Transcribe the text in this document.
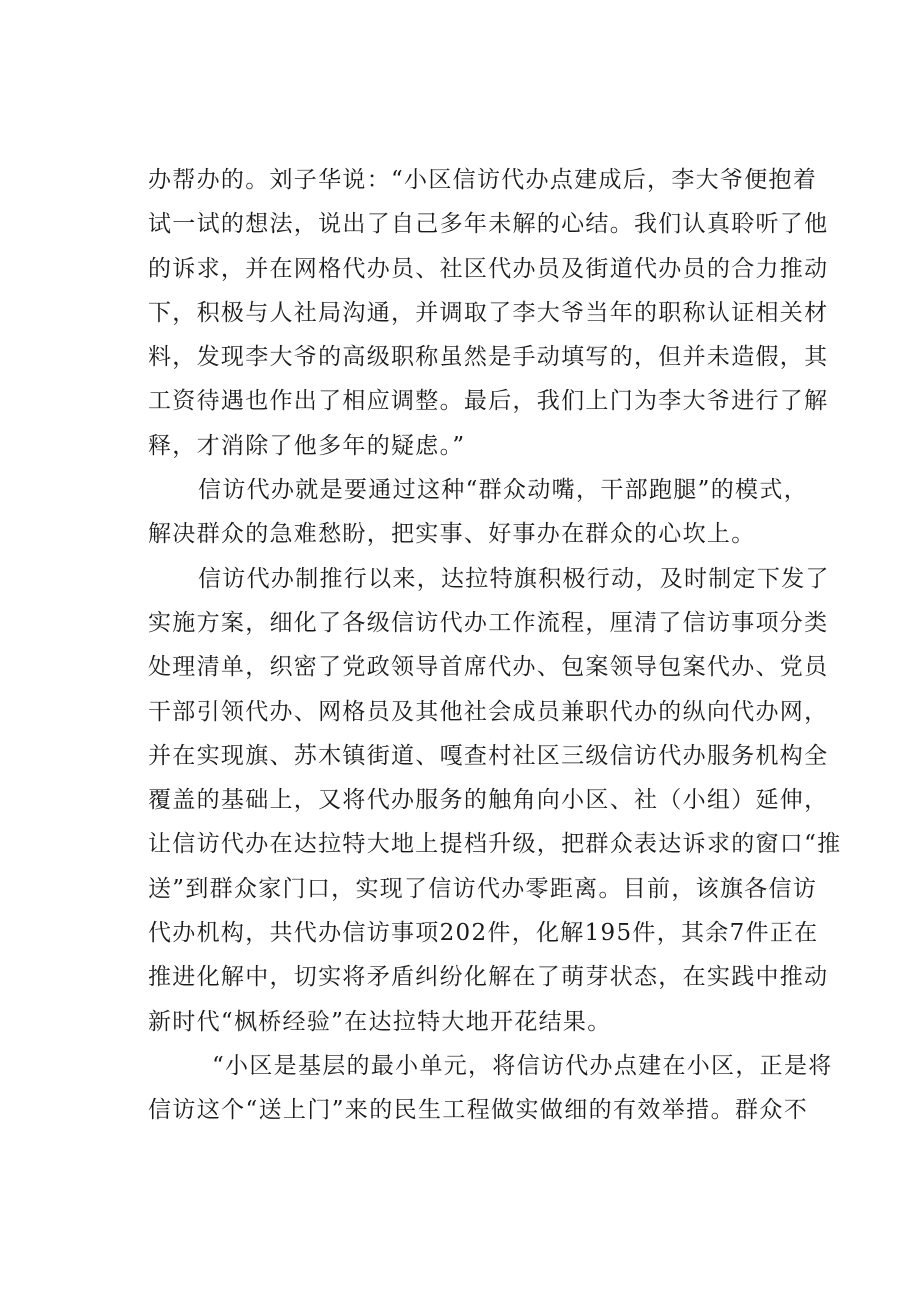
办帮办的。刘子华说：“小区信访代办点建成后，李大爷便抱着
试一试的想法，说出了自己多年未解的心结。我们认真聆听了他
的诉求，并在网格代办员、社区代办员及街道代办员的合力推动
下，积极与人社局沟通，并调取了李大爷当年的职称认证相关材
料，发现李大爷的高级职称虽然是手动填写的，但并未造假，其
工资待遇也作出了相应调整。最后，我们上门为李大爷进行了解
释，才消除了他多年的疑虑。”
信访代办就是要通过这种“群众动嘴，干部跑腿”的模式，
解决群众的急难愁盼，把实事、好事办在群众的心坎上。
信访代办制推行以来，达拉特旗积极行动，及时制定下发了
实施方案，细化了各级信访代办工作流程，厘清了信访事项分类
处理清单，织密了党政领导首席代办、包案领导包案代办、党员
干部引领代办、网格员及其他社会成员兼职代办的纵向代办网，
并在实现旗、苏木镇街道、嘎查村社区三级信访代办服务机构全
覆盖的基础上，又将代办服务的触角向小区、社（小组）延伸，
让信访代办在达拉特大地上提档升级，把群众表达诉求的窗口“推
送”到群众家门口，实现了信访代办零距离。目前，该旗各信访
代办机构，共代办信访事项202件，化解195件，其余7件正在
推进化解中，切实将矛盾纠纷化解在了萌芽状态，在实践中推动
新时代“枫桥经验”在达拉特大地开花结果。
“小区是基层的最小单元，将信访代办点建在小区，正是将
信访这个“送上门”来的民生工程做实做细的有效举措。群众不
